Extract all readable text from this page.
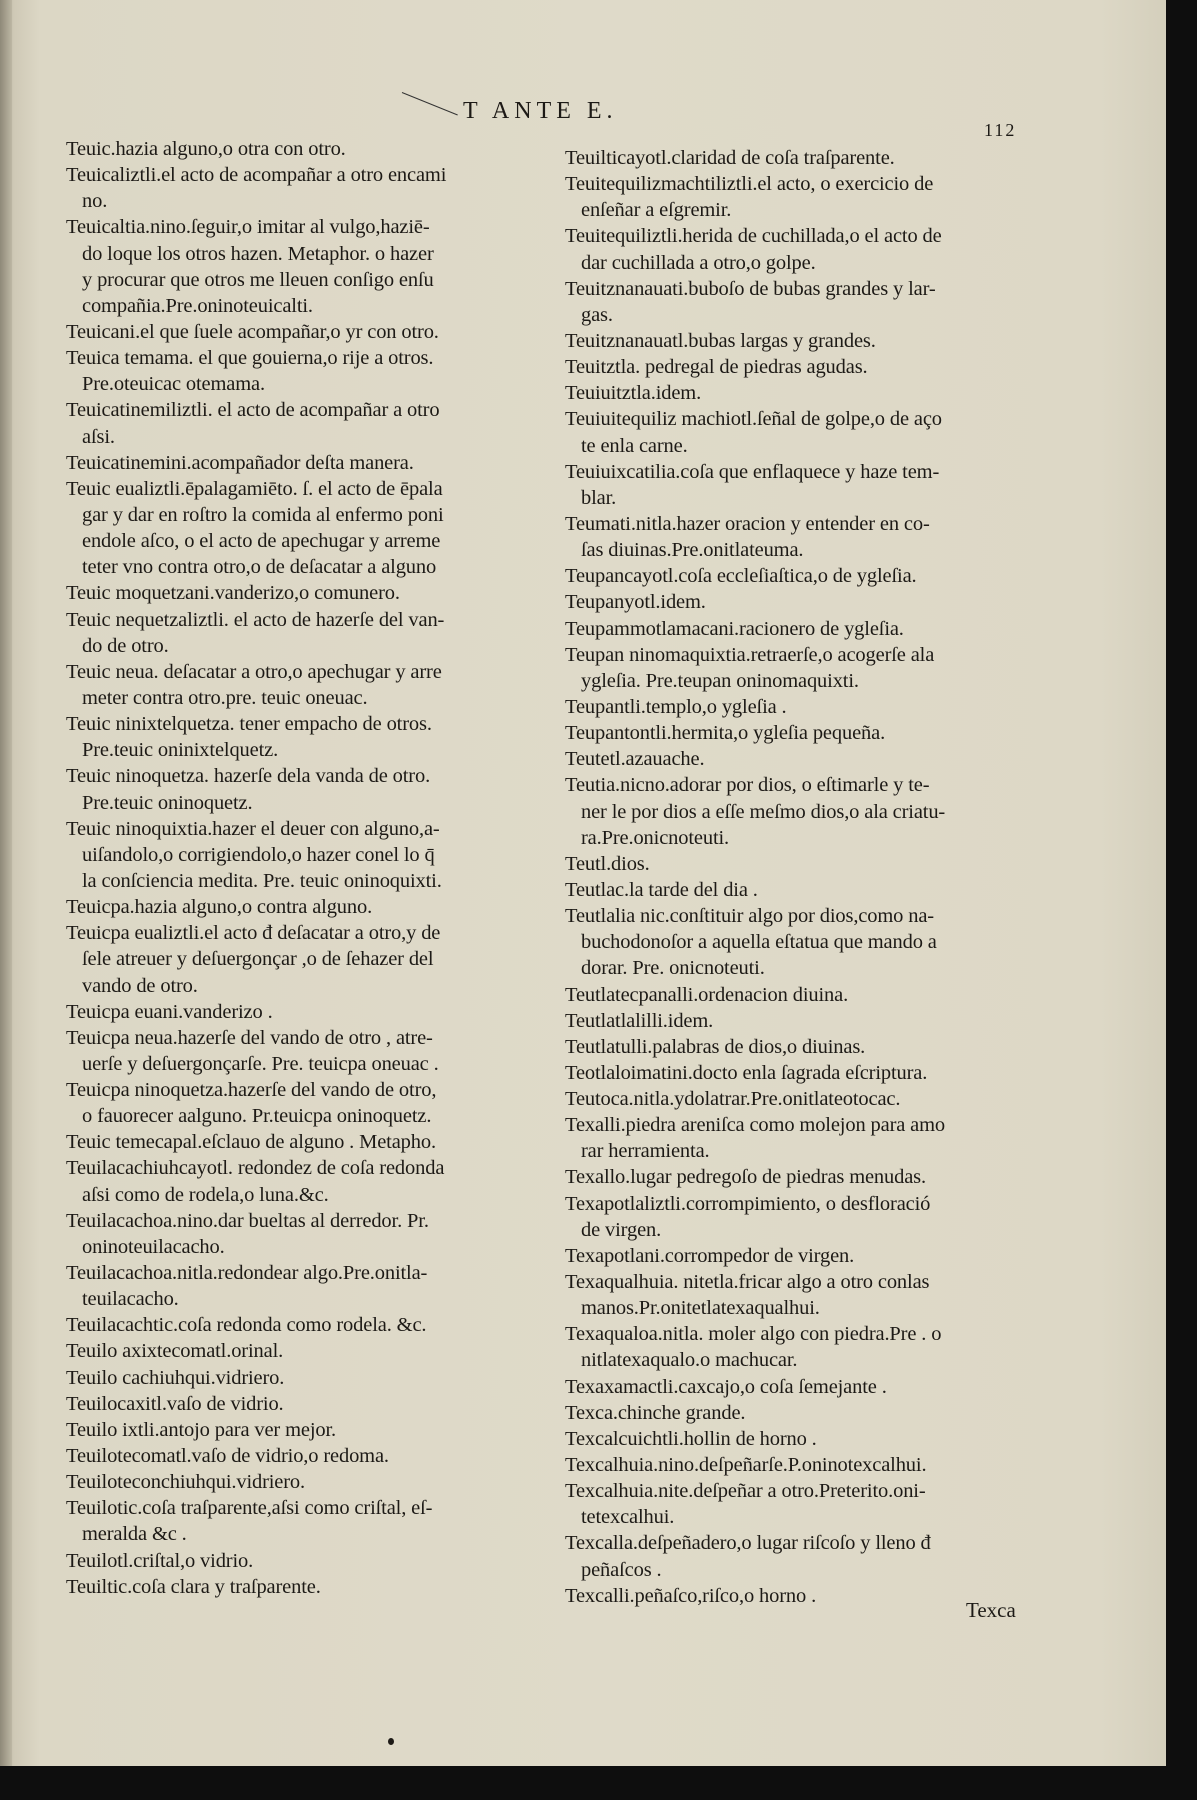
T ANTE E.
112
Teuic.hazia alguno,o otra con otro.
Teuicaliztli.el acto de acompañar a otro encami
no.
Teuicaltia.nino.ſeguir,o imitar al vulgo,haziē-
do loque los otros hazen. Metaphor. o hazer
y procurar que otros me lleuen conſigo enſu
compañia.Pre.oninoteuicalti.
Teuicani.el que ſuele acompañar,o yr con otro.
Teuica temama. el que gouierna,o rije a otros.
Pre.oteuicac otemama.
Teuicatinemiliztli. el acto de acompañar a otro
aſsi.
Teuicatinemini.acompañador deſta manera.
Teuic eualiztli.ēpalagamiēto. ſ. el acto de ēpala
gar y dar en roſtro la comida al enfermo poni
endole aſco, o el acto de apechugar y arreme
teter vno contra otro,o de deſacatar a alguno
Teuic moquetzani.vanderizo,o comunero.
Teuic nequetzaliztli. el acto de hazerſe del van-
do de otro.
Teuic neua. deſacatar a otro,o apechugar y arre
meter contra otro.pre. teuic oneuac.
Teuic ninixtelquetza. tener empacho de otros.
Pre.teuic oninixtelquetz.
Teuic ninoquetza. hazerſe dela vanda de otro.
Pre.teuic oninoquetz.
Teuic ninoquixtia.hazer el deuer con alguno,a-
uiſandolo,o corrigiendolo,o hazer conel lo q̄
la conſciencia medita. Pre. teuic oninoquixti.
Teuicpa.hazia alguno,o contra alguno.
Teuicpa eualiztli.el acto đ deſacatar a otro,y de
ſele atreuer y deſuergonçar ,o de ſehazer del
vando de otro.
Teuicpa euani.vanderizo .
Teuicpa neua.hazerſe del vando de otro , atre-
uerſe y deſuergonçarſe. Pre. teuicpa oneuac .
Teuicpa ninoquetza.hazerſe del vando de otro,
o fauorecer aalguno. Pr.teuicpa oninoquetz.
Teuic temecapal.eſclauo de alguno . Metapho.
Teuilacachiuhcayotl. redondez de coſa redonda
aſsi como de rodela,o luna.&c.
Teuilacachoa.nino.dar bueltas al derredor. Pr.
oninoteuilacacho.
Teuilacachoa.nitla.redondear algo.Pre.onitla-
teuilacacho.
Teuilacachtic.coſa redonda como rodela. &c.
Teuilo axixtecomatl.orinal.
Teuilo cachiuhqui.vidriero.
Teuilocaxitl.vaſo de vidrio.
Teuilo ixtli.antojo para ver mejor.
Teuilotecomatl.vaſo de vidrio,o redoma.
Teuiloteconchiuhqui.vidriero.
Teuilotic.coſa traſparente,aſsi como criſtal, eſ-
meralda &c .
Teuilotl.criſtal,o vidrio.
Teuiltic.coſa clara y traſparente.
Teuilticayotl.claridad de coſa traſparente.
Teuitequilizmachtiliztli.el acto, o exercicio de
enſeñar a eſgremir.
Teuitequiliztli.herida de cuchillada,o el acto de
dar cuchillada a otro,o golpe.
Teuitznanauati.buboſo de bubas grandes y lar-
gas.
Teuitznanauatl.bubas largas y grandes.
Teuitztla. pedregal de piedras agudas.
Teuiuitztla.idem.
Teuiuitequiliz machiotl.ſeñal de golpe,o de aço
te enla carne.
Teuiuixcatilia.coſa que enflaquece y haze tem-
blar.
Teumati.nitla.hazer oracion y entender en co-
ſas diuinas.Pre.onitlateuma.
Teupancayotl.coſa eccleſiaſtica,o de ygleſia.
Teupanyotl.idem.
Teupammotlamacani.racionero de ygleſia.
Teupan ninomaquixtia.retraerſe,o acogerſe ala
ygleſia. Pre.teupan oninomaquixti.
Teupantli.templo,o ygleſia .
Teupantontli.hermita,o ygleſia pequeña.
Teutetl.azauache.
Teutia.nicno.adorar por dios, o eſtimarle y te-
ner le por dios a eſſe meſmo dios,o ala criatu-
ra.Pre.onicnoteuti.
Teutl.dios.
Teutlac.la tarde del dia .
Teutlalia nic.conſtituir algo por dios,como na-
buchodonoſor a aquella eſtatua que mando a
dorar. Pre. onicnoteuti.
Teutlatecpanalli.ordenacion diuina.
Teutlatlalilli.idem.
Teutlatulli.palabras de dios,o diuinas.
Teotlaloimatini.docto enla ſagrada eſcriptura.
Teutoca.nitla.ydolatrar.Pre.onitlateotocac.
Texalli.piedra areniſca como molejon para amo
rar herramienta.
Texallo.lugar pedregoſo de piedras menudas.
Texapotlaliztli.corrompimiento, o desfloració
de virgen.
Texapotlani.corrompedor de virgen.
Texaqualhuia. nitetla.fricar algo a otro conlas
manos.Pr.onitetlatexaqualhui.
Texaqualoa.nitla. moler algo con piedra.Pre . o
nitlatexaqualo.o machucar.
Texaxamactli.caxcajo,o coſa ſemejante .
Texca.chinche grande.
Texcalcuichtli.hollin de horno .
Texcalhuia.nino.deſpeñarſe.P.oninotexcalhui.
Texcalhuia.nite.deſpeñar a otro.Preterito.oni-
tetexcalhui.
Texcalla.deſpeñadero,o lugar riſcoſo y lleno đ
peñaſcos .
Texcalli.peñaſco,riſco,o horno .
Texca
